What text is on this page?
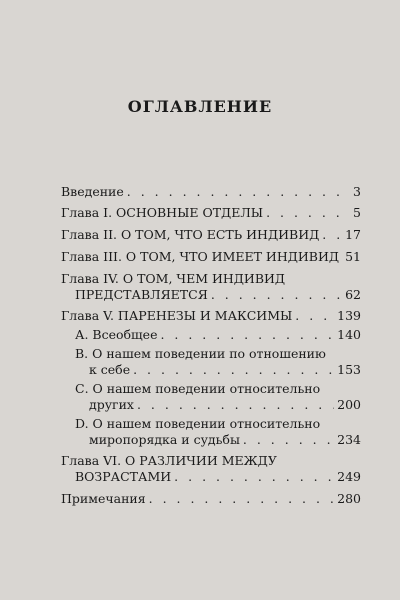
ОГЛАВЛЕНИЕ
Введение . . .	3
Глава I. ОСНОВНЫЕ ОТДЕЛЫ . . .	5
Глава II. О ТОМ, ЧТО ЕСТЬ ИНДИВИД . . . 17
Глава III. О ТОМ, ЧТО ИМЕЕТ ИНДИВИД . . . 51
Глава IV. О ТОМ, ЧЕМ ИНДИВИД
ПРЕДСТАВЛЯЕТСЯ . . .	62
Глава V. ПАРЕНЕЗЫ И МАКСИМЫ . . .	139
А. Всеобщее . . .	140
В. О нашем поведении по отношению
к себе . . .	153
С. О нашем поведении относительно
других . . .	200
D. О нашем поведении относительно
миропорядка и судьбы . . .	234
Глава VI. О РАЗЛИЧИИ МЕЖДУ
ВОЗРАСТАМИ . . .	249
Примечания . . .	280
